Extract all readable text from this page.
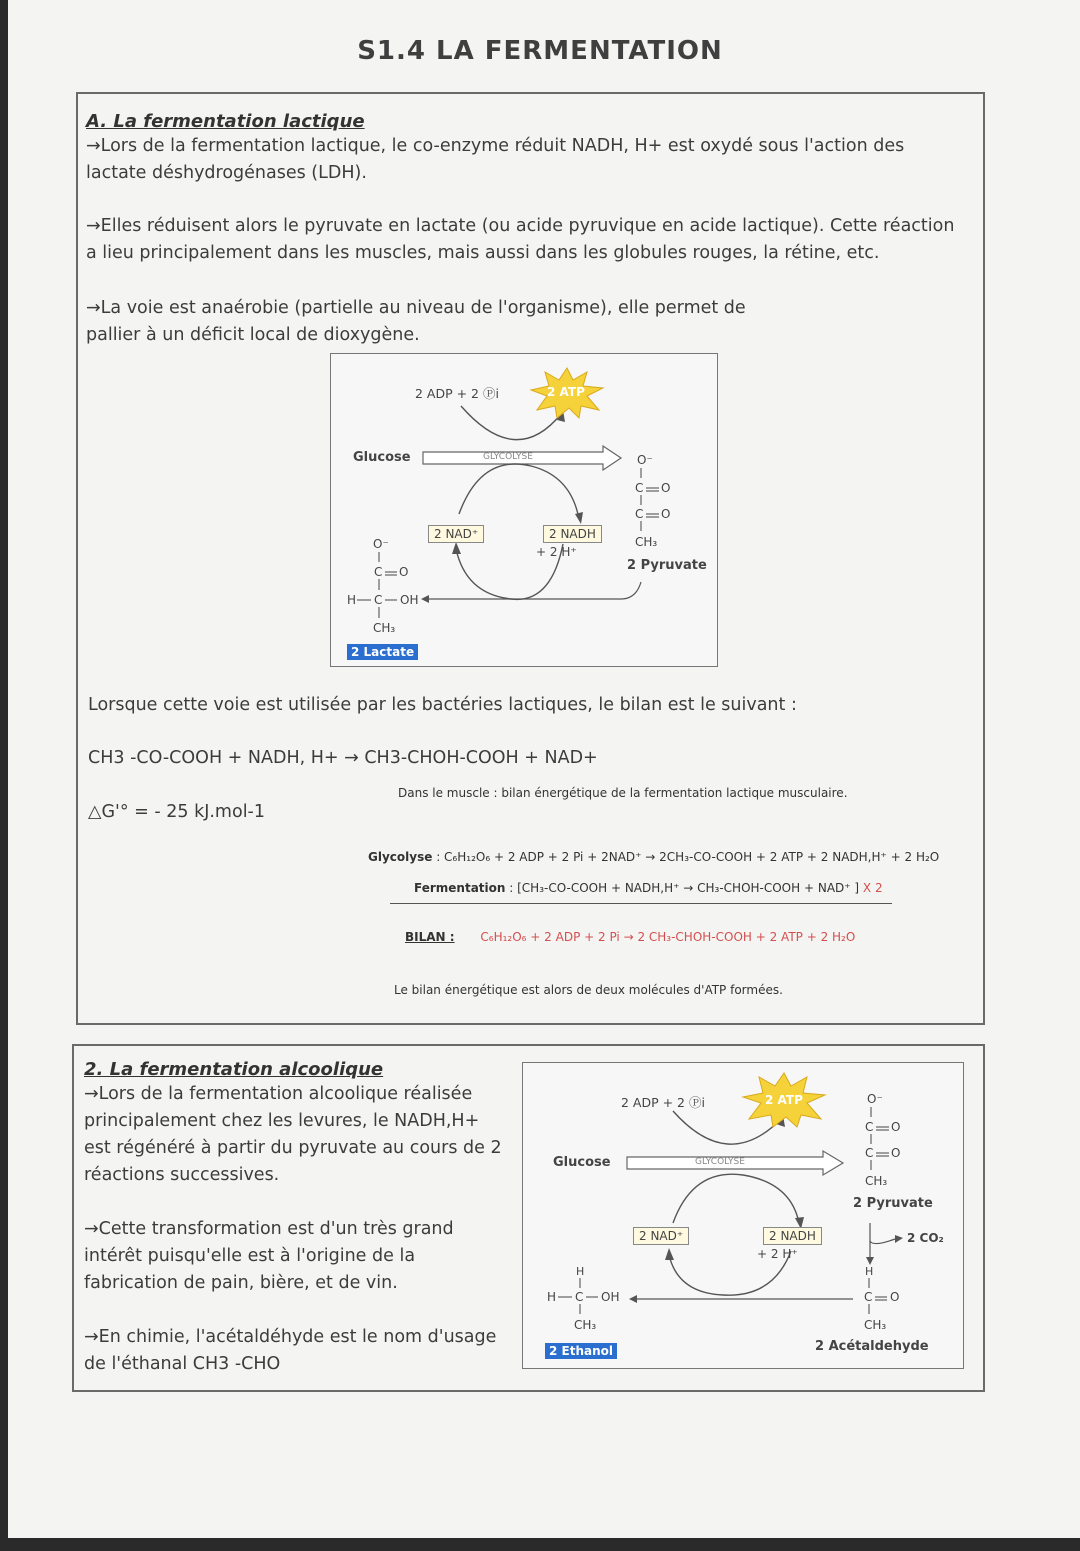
S1.4 LA FERMENTATION
A. La fermentation lactique
→Lors de la fermentation lactique, le co-enzyme réduit NADH, H+ est oxydé sous l'action des lactate déshydrogénases (LDH).
→Elles réduisent alors le pyruvate en lactate (ou acide pyruvique en acide lactique). Cette réaction a lieu principalement dans les muscles, mais aussi dans les globules rouges, la rétine, etc.
→La voie est anaérobie (partielle au niveau de l'organisme), elle permet de pallier à un déficit local de dioxygène.
2 ADP + 2 Ⓟi	2 ATP
Glucose	GLYCOLYSE
2 NAD⁺	2 NADH
+ 2 H⁺
O⁻
C O
C O
CH₃
2 Pyruvate
O⁻
C O
H C OH
CH₃
2 Lactate
Lorsque cette voie est utilisée par les bactéries lactiques, le bilan est le suivant :
CH3 -CO-COOH + NADH, H+ → CH3-CHOH-COOH + NAD+
△G'° = - 25 kJ.mol-1
Dans le muscle : bilan énergétique de la fermentation lactique musculaire.
Glycolyse : C₆H₁₂O₆ + 2 ADP + 2 Pi + 2NAD⁺ → 2CH₃-CO-COOH + 2 ATP + 2 NADH,H⁺ + 2 H₂O
Fermentation : [CH₃-CO-COOH + NADH,H⁺ → CH₃-CHOH-COOH + NAD⁺ ] X 2
BILAN : C₆H₁₂O₆ + 2 ADP + 2 Pi → 2 CH₃-CHOH-COOH + 2 ATP + 2 H₂O
Le bilan énergétique est alors de deux molécules d'ATP formées.
2. La fermentation alcoolique
→Lors de la fermentation alcoolique réalisée principalement chez les levures, le NADH,H+ est régénéré à partir du pyruvate au cours de 2 réactions successives.
→Cette transformation est d'un très grand intérêt puisqu'elle est à l'origine de la fabrication de pain, bière, et de vin.
→En chimie, l'acétaldéhyde est le nom d'usage de l'éthanal CH3 -CHO
2 ADP + 2 Ⓟi	2 ATP
Glucose	GLYCOLYSE
2 NAD⁺	2 NADH
+ 2 H⁺
O⁻
C O
C O
CH₃
2 Pyruvate
2 CO₂
H
C O
CH₃
2 Acétaldehyde
H
H C OH
CH₃
2 Ethanol
